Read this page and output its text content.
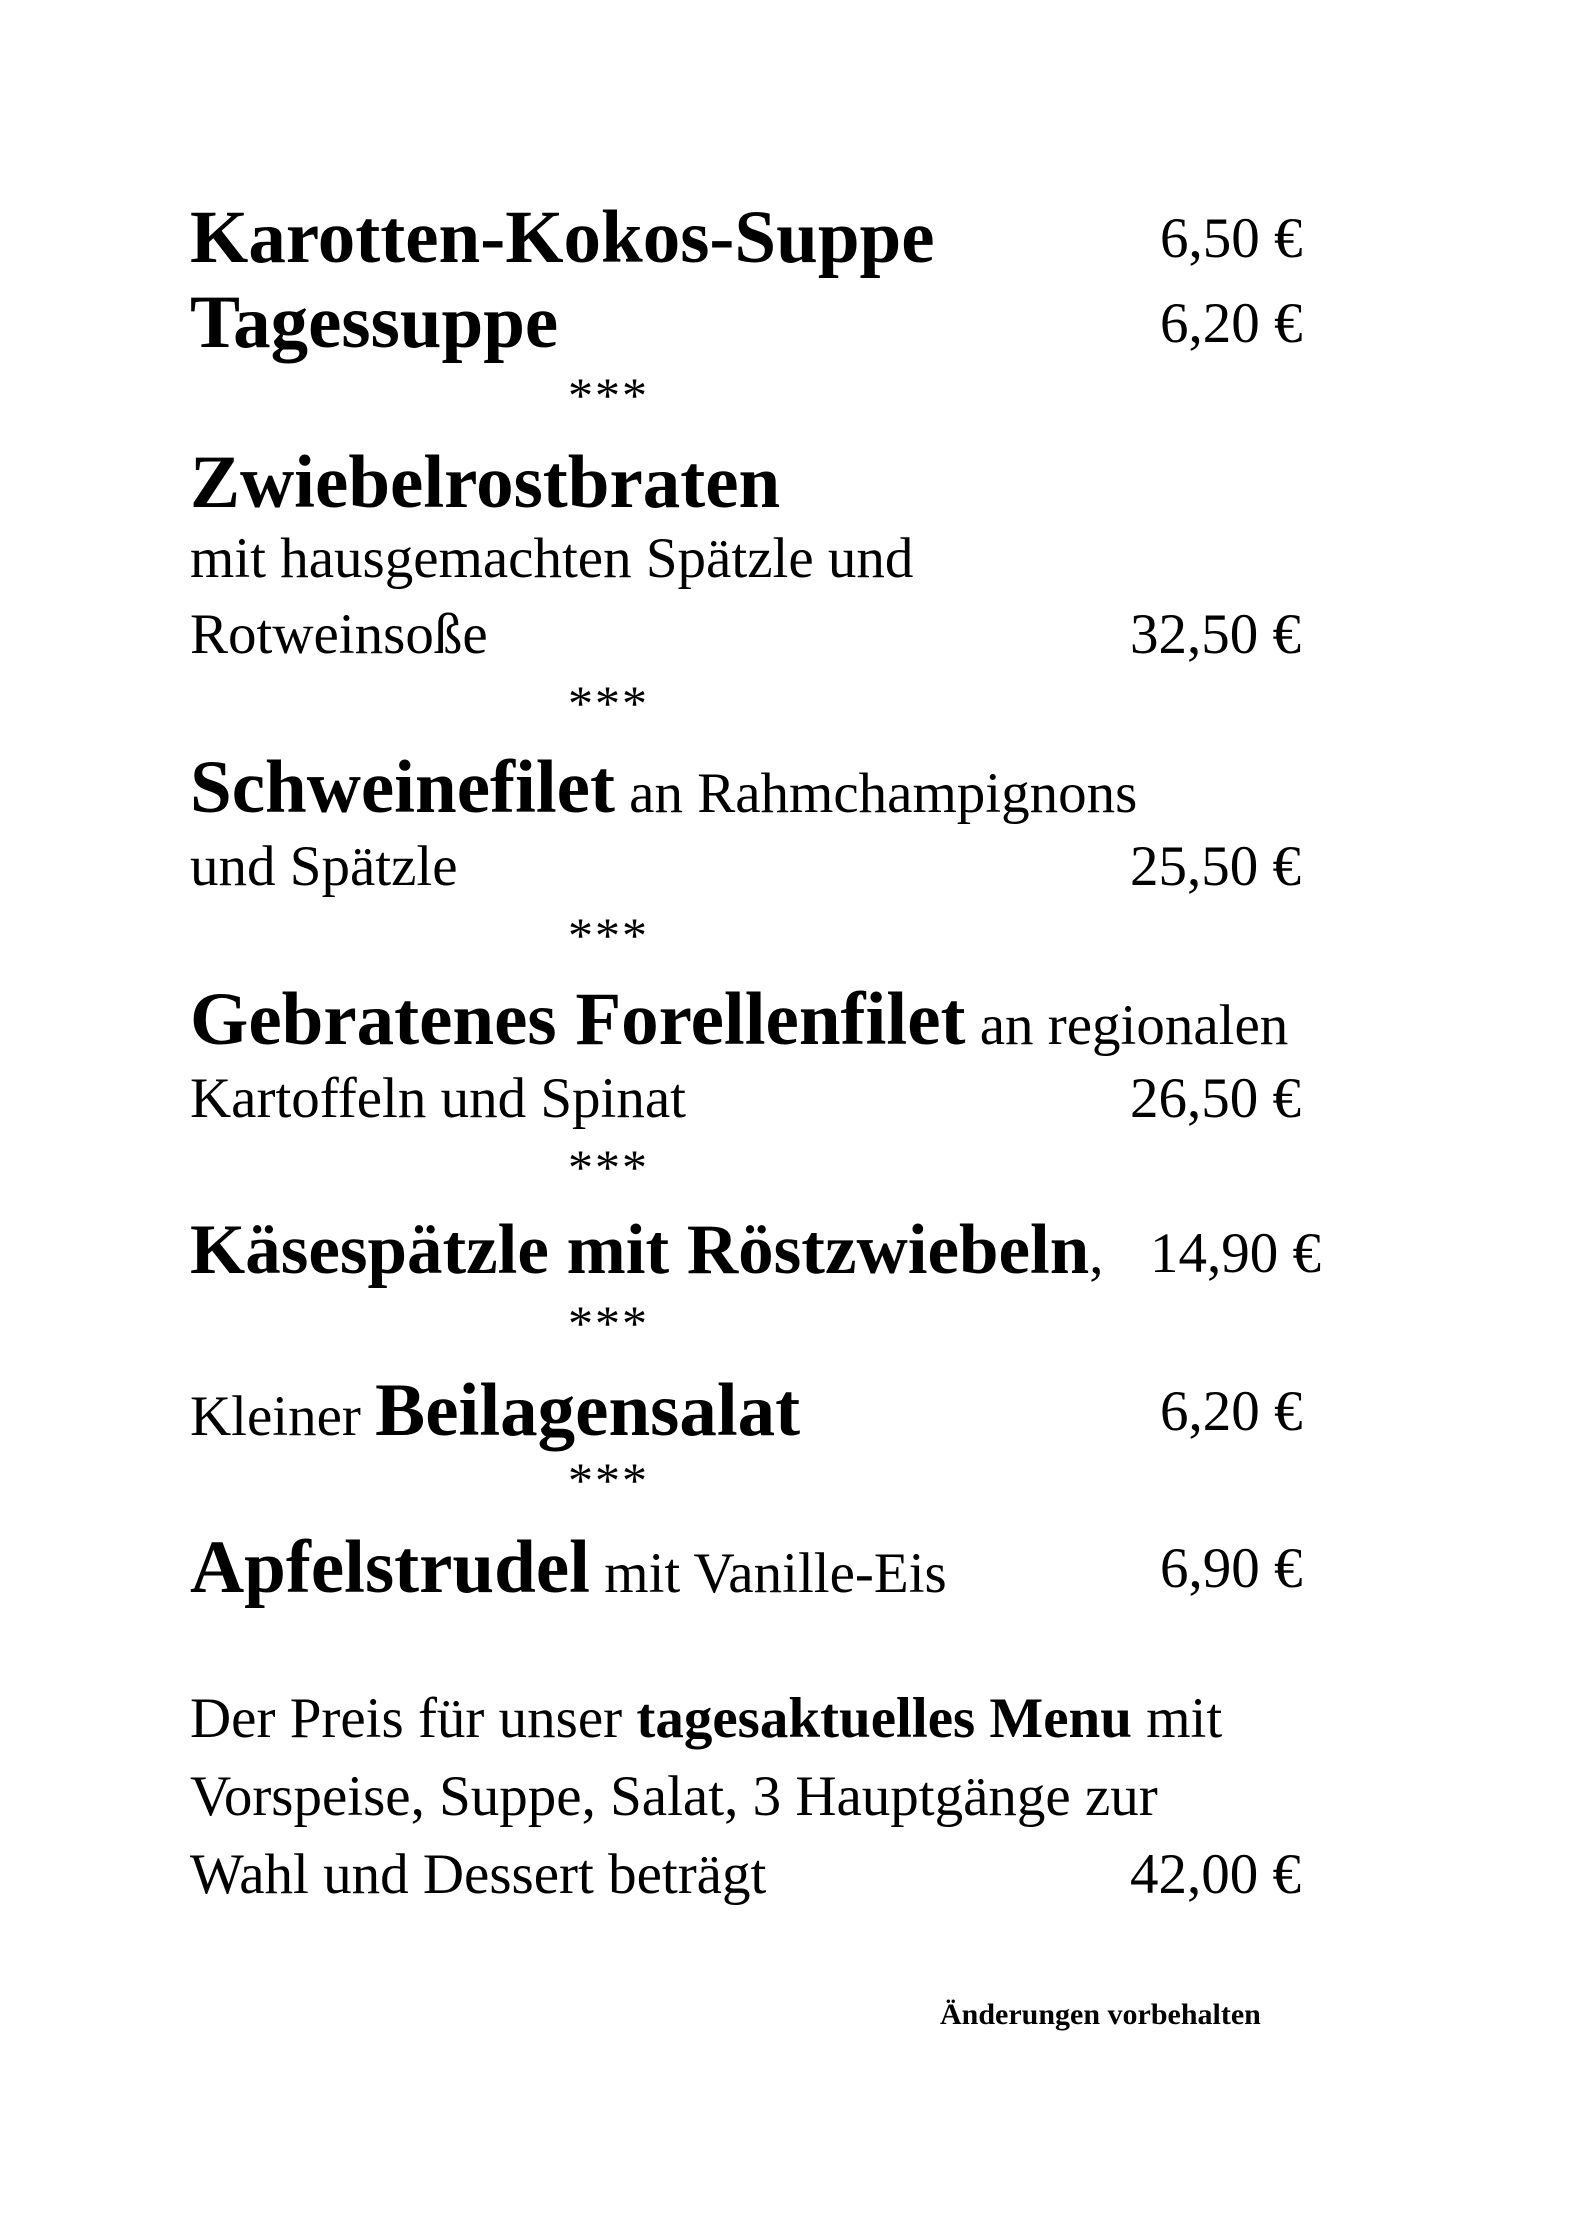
Karotten-Kokos-Suppe	6,50 €
Tagessuppe	6,20 €
***
Zwiebelrostbraten
mit hausgemachten Spätzle und
Rotweinsoße	32,50 €
***
Schweinefilet an Rahmchampignons
und Spätzle	25,50 €
***
Gebratenes Forellenfilet an regionalen
Kartoffeln und Spinat	26,50 €
***
Käsespätzle mit Röstzwiebeln, 14,90 €
***
Kleiner Beilagensalat	6,20 €
***
Apfelstrudel mit Vanille-Eis	6,90 €
Der Preis für unser tagesaktuelles Menu mit
Vorspeise, Suppe, Salat, 3 Hauptgänge zur
Wahl und Dessert beträgt	42,00 €
Änderungen vorbehalten
